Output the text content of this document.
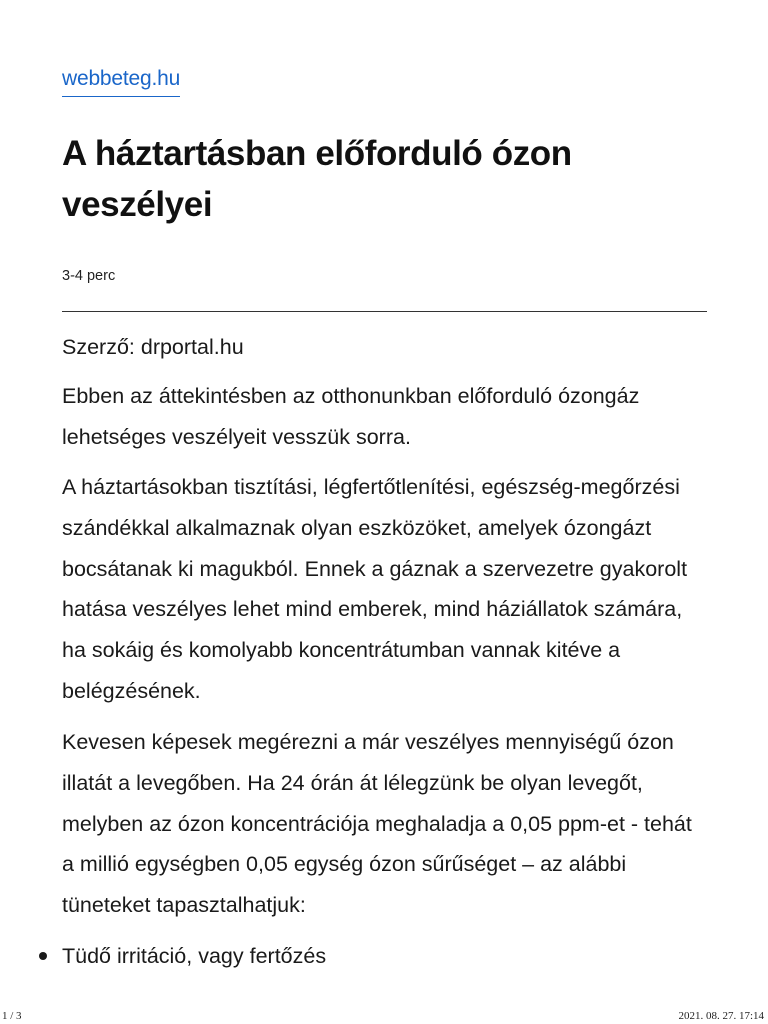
webbeteg.hu
A háztartásban előforduló ózon veszélyei
3-4 perc
Szerző: drportal.hu

Ebben az áttekintésben az otthonunkban előforduló ózongáz lehetséges veszélyeit vesszük sorra.

A háztartásokban tisztítási, légfertőtlenítési, egészség-megőrzési szándékkal alkalmaznak olyan eszközöket, amelyek ózongázt bocsátanak ki magukból. Ennek a gáznak a szervezetre gyakorolt hatása veszélyes lehet mind emberek, mind háziállatok számára, ha sokáig és komolyabb koncentrátumban vannak kitéve a belégzésének.

Kevesen képesek megérezni a már veszélyes mennyiségű ózon illatát a levegőben. Ha 24 órán át lélegzünk be olyan levegőt, melyben az ózon koncentrációja meghaladja a 0,05 ppm-et - tehát a millió egységben 0,05 egység ózon sűrűséget – az alábbi tüneteket tapasztalhatjuk:

Tüdő irritáció, vagy fertőzés
1 / 3	2021. 08. 27. 17:14
